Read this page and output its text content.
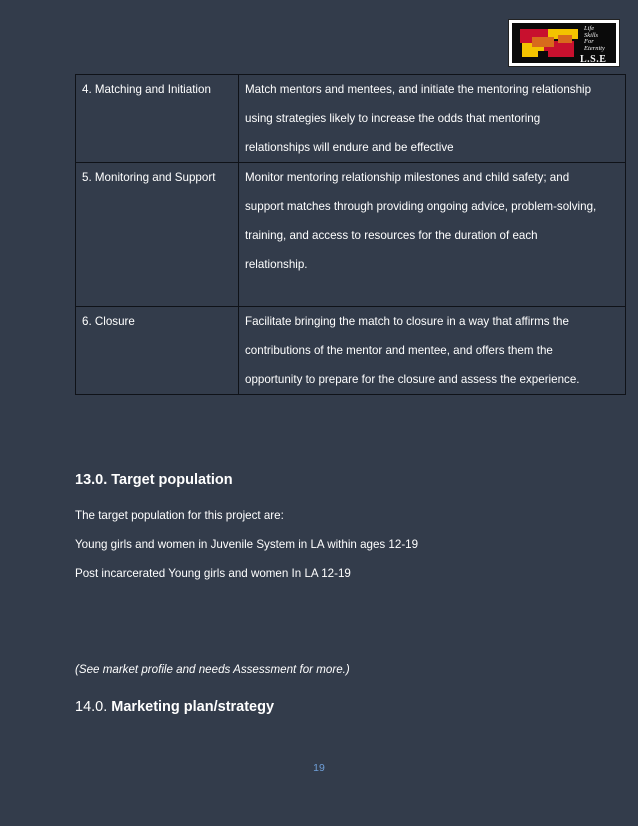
Life
Skills
For
Eternity
L.S.E
4. Matching and Initiation	Match mentors and mentees, and initiate the mentoring relationship
using strategies likely to increase the odds that mentoring
relationships will endure and be effective

5. Monitoring and Support	Monitor mentoring relationship milestones and child safety; and
support matches through providing ongoing advice, problem-solving,
training, and access to resources for the duration of each
relationship.

6. Closure	Facilitate bringing the match to closure in a way that affirms the
contributions of the mentor and mentee, and offers them the
opportunity to prepare for the closure and assess the experience.
13.0. Target population
The target population for this project are:
Young girls and women in Juvenile System in LA within ages 12-19
Post incarcerated Young girls and women In LA 12-19
(See market profile and needs Assessment for more.)
14.0. Marketing plan/strategy
19
